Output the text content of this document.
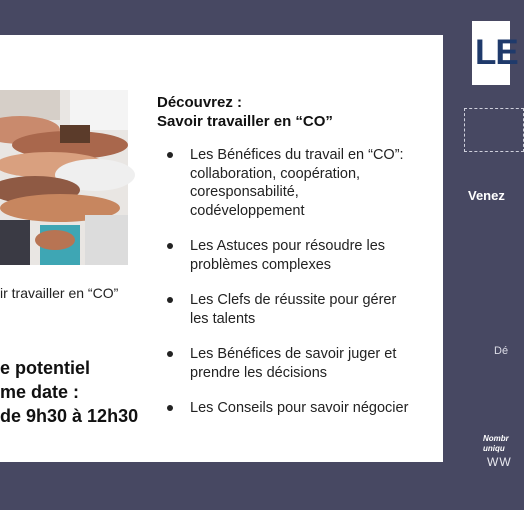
ir travailler en “CO”
e potentiel
me date :
de 9h30 à 12h30
Découvrez :
Savoir travailler en “CO”
Les Bénéfices du travail en “CO”:
collaboration, coopération,
coresponsabilité,
codéveloppement
Les Astuces pour résoudre les
problèmes complexes
Les Clefs de réussite pour gérer
les talents
Les Bénéfices de savoir juger et
prendre les décisions
Les Conseils pour savoir négocier
LE
Venez
Dé
Nombr
uniqu
WW
